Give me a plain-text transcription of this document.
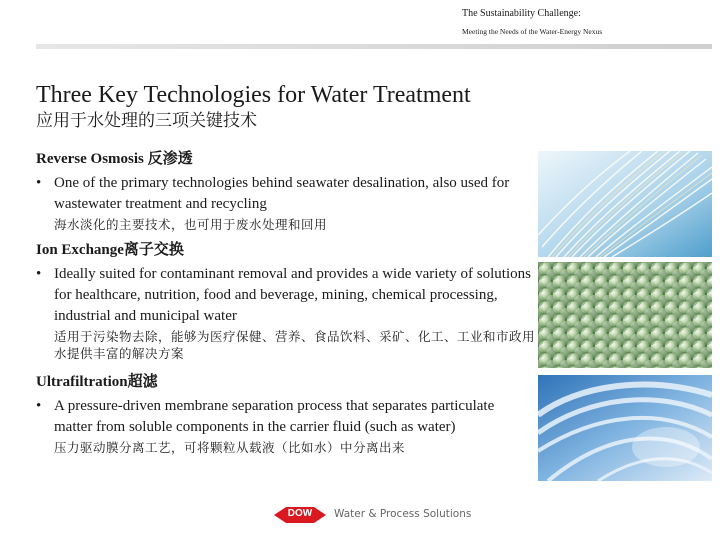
The Sustainability Challenge:
Meeting the Needs of the Water-Energy Nexus
Three Key Technologies for Water Treatment
应用于水处理的三项关键技术
Reverse Osmosis 反渗透
• One of the primary technologies behind seawater desalination, also used for wastewater treatment and recycling
海水淡化的主要技术，也可用于废水处理和回用
Ion Exchange离子交换
• Ideally suited for contaminant removal and provides a wide variety of solutions for healthcare, nutrition, food and beverage, mining, chemical processing, industrial and municipal water
适用于污染物去除，能够为医疗保健、营养、食品饮料、采矿、化工、工业和市政用水提供丰富的解决方案
Ultrafiltration超滤
• A pressure-driven membrane separation process that separates particulate matter from soluble components in the carrier fluid (such as water)
压力驱动膜分离工艺，可将颗粒从载液（比如水）中分离出来
DOW Water & Process Solutions
